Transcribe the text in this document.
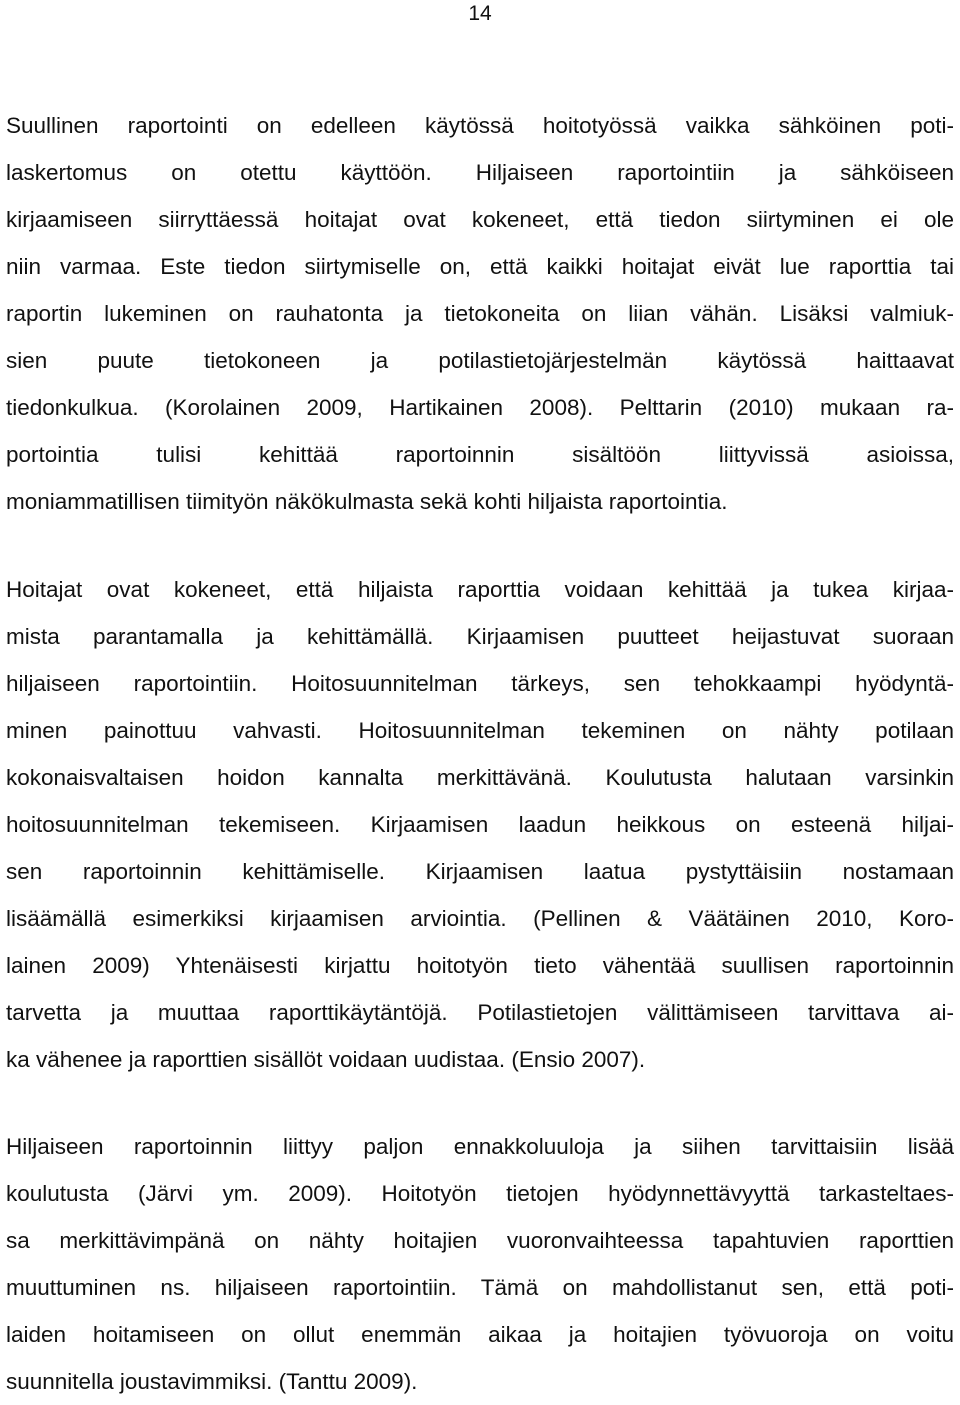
14

Suullinen raportointi on edelleen käytössä hoitotyössä vaikka sähköinen poti-
laskertomus on otettu käyttöön. Hiljaiseen raportointiin ja sähköiseen
kirjaamiseen siirryttäessä hoitajat ovat kokeneet, että tiedon siirtyminen ei ole
niin varmaa. Este tiedon siirtymiselle on, että kaikki hoitajat eivät lue raporttia tai
raportin lukeminen on rauhatonta ja tietokoneita on liian vähän. Lisäksi valmiuk-
sien puute tietokoneen ja potilastietojärjestelmän käytössä haittaavat
tiedonkulkua. (Korolainen 2009, Hartikainen 2008). Pelttarin (2010) mukaan ra-
portointia tulisi kehittää raportoinnin sisältöön liittyvissä asioissa,
moniammatillisen tiimityön näkökulmasta sekä kohti hiljaista raportointia.

Hoitajat ovat kokeneet, että hiljaista raporttia voidaan kehittää ja tukea kirjaa-
mista parantamalla ja kehittämällä. Kirjaamisen puutteet heijastuvat suoraan
hiljaiseen raportointiin. Hoitosuunnitelman tärkeys, sen tehokkaampi hyödyntä-
minen painottuu vahvasti. Hoitosuunnitelman tekeminen on nähty potilaan
kokonaisvaltaisen hoidon kannalta merkittävänä. Koulutusta halutaan varsinkin
hoitosuunnitelman tekemiseen. Kirjaamisen laadun heikkous on esteenä hiljai-
sen raportoinnin kehittämiselle. Kirjaamisen laatua pystyttäisiin nostamaan
lisäämällä esimerkiksi kirjaamisen arviointia. (Pellinen & Väätäinen 2010, Koro-
lainen 2009) Yhtenäisesti kirjattu hoitotyön tieto vähentää suullisen raportoinnin
tarvetta ja muuttaa raporttikäytäntöjä. Potilastietojen välittämiseen tarvittava ai-
ka vähenee ja raporttien sisällöt voidaan uudistaa. (Ensio 2007).

Hiljaiseen raportoinnin liittyy paljon ennakkoluuloja ja siihen tarvittaisiin lisää
koulutusta (Järvi ym. 2009). Hoitotyön tietojen hyödynnettävyyttä tarkasteltaes-
sa merkittävimpänä on nähty hoitajien vuoronvaihteessa tapahtuvien raporttien
muuttuminen ns. hiljaiseen raportointiin. Tämä on mahdollistanut sen, että poti-
laiden hoitamiseen on ollut enemmän aikaa ja hoitajien työvuoroja on voitu
suunnitella joustavimmiksi. (Tanttu 2009).
